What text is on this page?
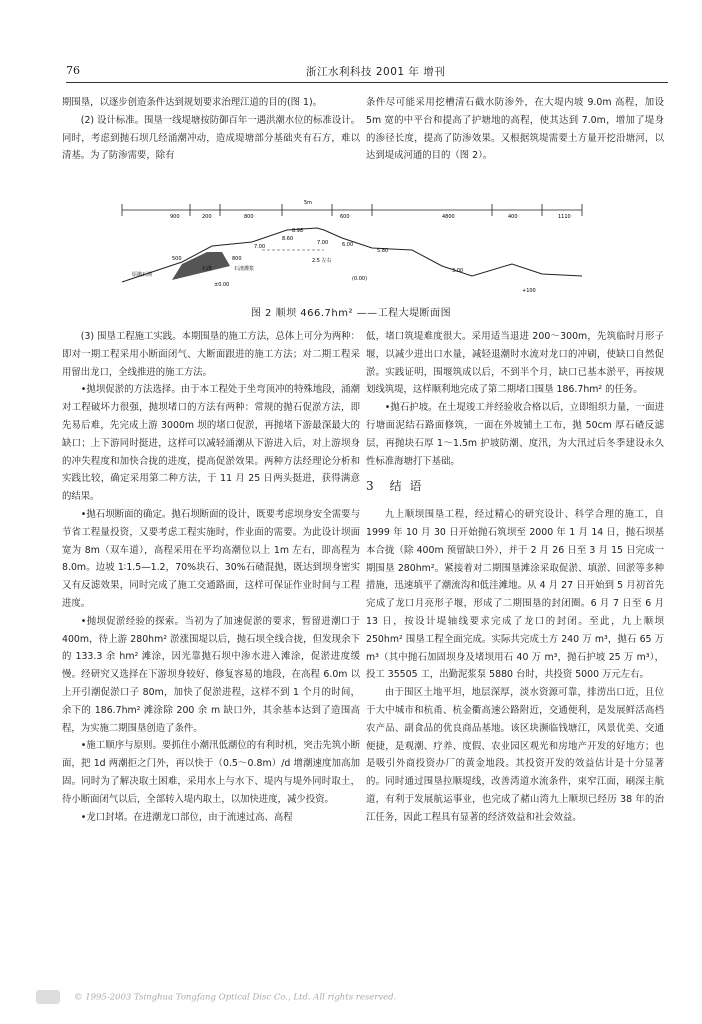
76	浙江水利科技 2001 年 增刊

期围垦，以逐步创造条件达到规划要求治理江道的目的(图 1)。

(2) 设计标准。围垦一线堤塘按防御百年一遇洪潮水位的标准设计。同时，考虑到抛石坝几经涌潮冲动，造成堤塘部分基础夹有石方，难以清基。为了防渗需要，除有

条件尽可能采用挖槽清石截水防渗外，在大堤内坡 9.0m 高程，加设 5m 宽的中平台和提高了护塘地的高程，使其达到 7.0m，增加了堤身的渗径长度，提高了防渗效果。又根据筑堤需要土方量开挖沿塘河，以达到堤成河通的目的（图 2）。

900	200	800
5m
600	4800	400	1110
8.60
8.98
7.00
5.80
3.00
7.00	6.00
原抛石坝
500	800
石渣	石渣灌浆
±0.00
2.5 左右
(0.00)
+100
图 2 顺坝 466.7hm² ——工程大堤断面图

(3) 围垦工程施工实践。本期围垦的施工方法，总体上可分为两种：即对一期工程采用小断面闭气、大断面跟进的施工方法；对二期工程采用留出龙口，全线推进的施工方法。

•抛坝促淤的方法选择。由于本工程处于坐弯顶冲的特殊地段，涌潮对工程破坏力很强，抛坝堵口的方法有两种：常规的抛石促淤方法，即先易后难，先完成上游 3000m 坝的堵口促淤，再抛堵下游最深最大的缺口；上下游同时挺进，这样可以减轻涌潮从下游进入后，对上游坝身的冲失程度和加快合拢的进度，提高促淤效果。两种方法经理论分析和实践比较，确定采用第二种方法，于 11 月 25 日两头挺进，获得满意的结果。

•抛石坝断面的确定。抛石坝断面的设计，既要考虑坝身安全需要与节省工程量投资，又要考虑工程实施时，作业面的需要。为此设计坝面宽为 8m（双车道），高程采用在平均高潮位以上 1m 左右，即高程为 8.0m。边坡 1∶1.5—1.2，70%块石、30%石碴混抛，既达到坝身密实又有反滤效果，同时完成了施工交通路面，这样可保证作业时间与工程进度。

•抛坝促淤经验的探索。当初为了加速促淤的要求，暂留进潮口于 400m，待上游 280hm² 淤涨围堤以后，抛石坝全线合拢，但发现余下的 133.3 余 hm² 滩涂，因光靠抛石坝中渗水进入滩涂，促淤进度缓慢。经研究又选择在下游坝身较好、修复容易的地段，在高程 6.0m 以上开引潮促淤口子 80m，加快了促淤进程，这样不到 1 个月的时间，余下的 186.7hm² 滩涂除 200 余 m 缺口外，其余基本达到了造围高程，为实施二期围垦创造了条件。

•施工顺序与原则。要抓住小潮汛低潮位的有利时机，突击先筑小断面，把 1d 两潮拒之门外，再以快于（0.5～0.8m）/d 增潮速度加高加固。同时为了解决取土困难，采用水上与水下、堤内与堤外同时取土，待小断面闭气以后，全部转入堤内取土，以加快进度，减少投资。

•龙口封堵。在进潮龙口部位，由于流速过高、高程

低，堵口筑堤难度很大。采用适当退进 200～300m，先筑临时月形子堰，以减少进出口水量，减轻退潮时水流对龙口的冲刷，使缺口自然促淤。实践证明，围堰筑成以后，不到半个月，缺口已基本淤平，再按规划线筑堤，这样顺利地完成了第二期堵口围垦 186.7hm² 的任务。

•抛石护坡。在土堤竣工并经验收合格以后，立即组织力量，一面进行塘面泥结石路面修筑，一面在外坡铺土工布，抛 50cm 厚石碴反滤层，再抛块石厚 1～1.5m 护坡防潮、度汛，为大汛过后冬季建设永久性标准海塘打下基础。

3 结 语

九上顺坝围垦工程，经过精心的研究设计、科学合理的施工，自 1999 年 10 月 30 日开始抛石筑坝至 2000 年 1 月 14 日，抛石坝基本合拢（除 400m 预留缺口外），并于 2 月 26 日至 3 月 15 日完成一期围垦 280hm²。紧接着对二期围垦滩涂采取促淤、填淤、回淤等多种措施，迅速填平了潮流沟和低洼滩地。从 4 月 27 日开始到 5 月初首先完成了龙口月亮形子堰，形成了二期围垦的封闭圈。6 月 7 日至 6 月 13 日，按设计堤轴线要求完成了龙口的封闭。至此，九上顺坝 250hm² 围垦工程全面完成。实际共完成土方 240 万 m³，抛石 65 万 m³（其中抛石加固坝身及堵坝用石 40 万 m³，抛石护坡 25 万 m³），投工 35505 工，出勤泥浆泵 5880 台时，共投资 5000 万元左右。

由于围区土地平坦，地层深厚，淡水资源可靠，排涝出口近，且位于大中城市和杭甬、杭金衢高速公路附近，交通便利，是发展鲜活高档农产品、副食品的优良商品基地。该区块濒临钱塘江，风景优美、交通便捷，是观潮、疗养、度假、农业园区观光和房地产开发的好地方；也是吸引外商投资办厂的黄金地段。其投资开发的效益估计是十分显著的。同时通过围垦拉顺堤线，改善湾道水流条件，束窄江面，刷深主航道，有利于发展航运事业，也完成了赭山湾九上顺坝已经历 38 年的治江任务，因此工程具有显著的经济效益和社会效益。

© 1995-2003 Tsinghua Tongfang Optical Disc Co., Ltd. All rights reserved.
